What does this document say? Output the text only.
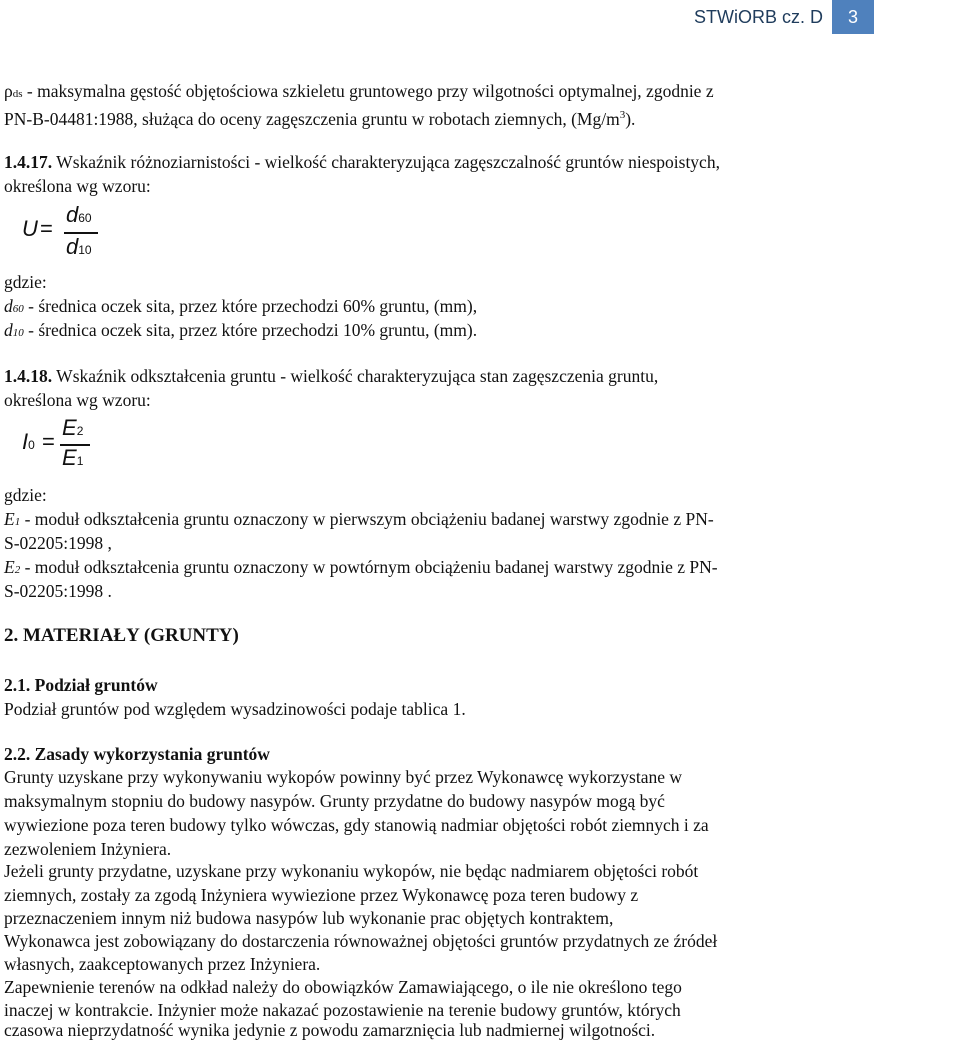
STWiORB cz. D	3

ρds - maksymalna gęstość objętościowa szkieletu gruntowego przy wilgotności optymalnej, zgodnie z

PN-B-04481:1988, służąca do oceny zagęszczenia gruntu w robotach ziemnych, $(Mg/m^3)$.

1.4.17. Wskaźnik różnoziarnistości - wielkość charakteryzująca zagęszczalność gruntów niespoistych,

określona wg wzoru:

U =
d60
d10

gdzie:

d60 - średnica oczek sita, przez które przechodzi 60% gruntu, (mm),

d10 - średnica oczek sita, przez które przechodzi 10% gruntu, (mm).

1.4.18. Wskaźnik odkształcenia gruntu - wielkość charakteryzująca stan zagęszczenia gruntu,

określona wg wzoru:

I0 =
E2
E1

gdzie:

E1 - moduł odkształcenia gruntu oznaczony w pierwszym obciążeniu badanej warstwy zgodnie z PN-

S-02205:1998 ,

E2 - moduł odkształcenia gruntu oznaczony w powtórnym obciążeniu badanej warstwy zgodnie z PN-

S-02205:1998 .

2. MATERIAŁY (GRUNTY)

2.1. Podział gruntów

Podział gruntów pod względem wysadzinowości podaje tablica 1.

2.2. Zasady wykorzystania gruntów

Grunty uzyskane przy wykonywaniu wykopów powinny być przez Wykonawcę wykorzystane w

maksymalnym stopniu do budowy nasypów. Grunty przydatne do budowy nasypów mogą być

wywiezione poza teren budowy tylko wówczas, gdy stanowią nadmiar objętości robót ziemnych i za

zezwoleniem Inżyniera.

Jeżeli grunty przydatne, uzyskane przy wykonaniu wykopów, nie będąc nadmiarem objętości robót

ziemnych, zostały za zgodą Inżyniera wywiezione przez Wykonawcę poza teren budowy z

przeznaczeniem innym niż budowa nasypów lub wykonanie prac objętych kontraktem,

Wykonawca jest zobowiązany do dostarczenia równoważnej objętości gruntów przydatnych ze źródeł

własnych, zaakceptowanych przez Inżyniera.

Zapewnienie terenów na odkład należy do obowiązków Zamawiającego, o ile nie określono tego

inaczej w kontrakcie. Inżynier może nakazać pozostawienie na terenie budowy gruntów, których

czasowa nieprzydatność wynika jedynie z powodu zamarznięcia lub nadmiernej wilgotności.
